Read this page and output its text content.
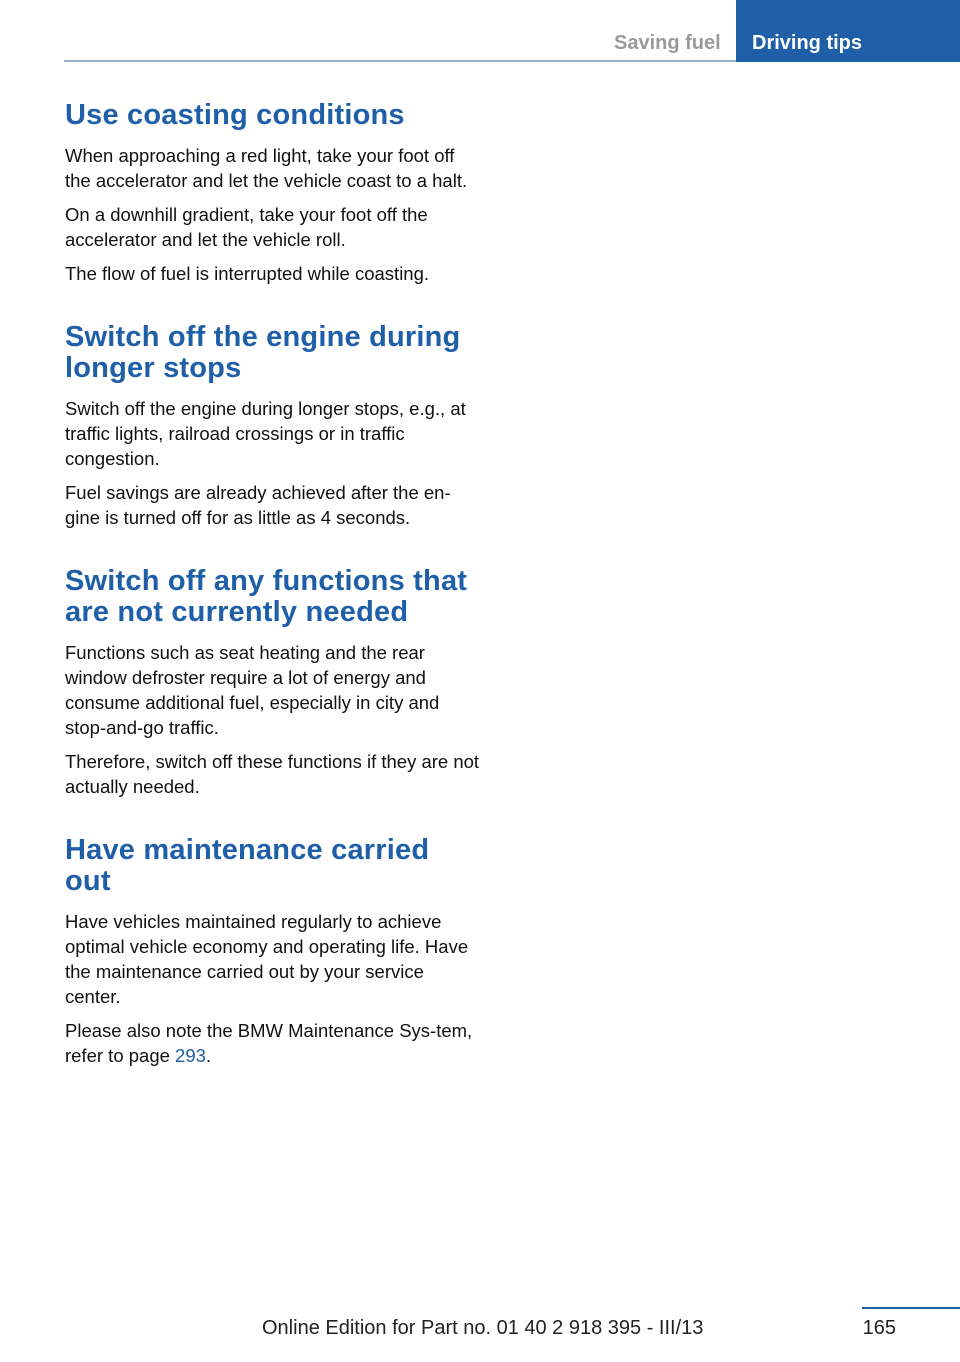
Saving fuel	Driving tips
Use coasting conditions

When approaching a red light, take your foot off the accelerator and let the vehicle coast to a halt.

On a downhill gradient, take your foot off the accelerator and let the vehicle roll.

The flow of fuel is interrupted while coasting.

Switch off the engine during longer stops

Switch off the engine during longer stops, e.g., at traffic lights, railroad crossings or in traffic congestion.

Fuel savings are already achieved after the en-gine is turned off for as little as 4 seconds.

Switch off any functions that are not currently needed

Functions such as seat heating and the rear window defroster require a lot of energy and consume additional fuel, especially in city and stop-and-go traffic.

Therefore, switch off these functions if they are not actually needed.

Have maintenance carried out

Have vehicles maintained regularly to achieve optimal vehicle economy and operating life. Have the maintenance carried out by your service center.

Please also note the BMW Maintenance Sys-tem, refer to page 293.

165
Online Edition for Part no. 01 40 2 918 395 - III/13
